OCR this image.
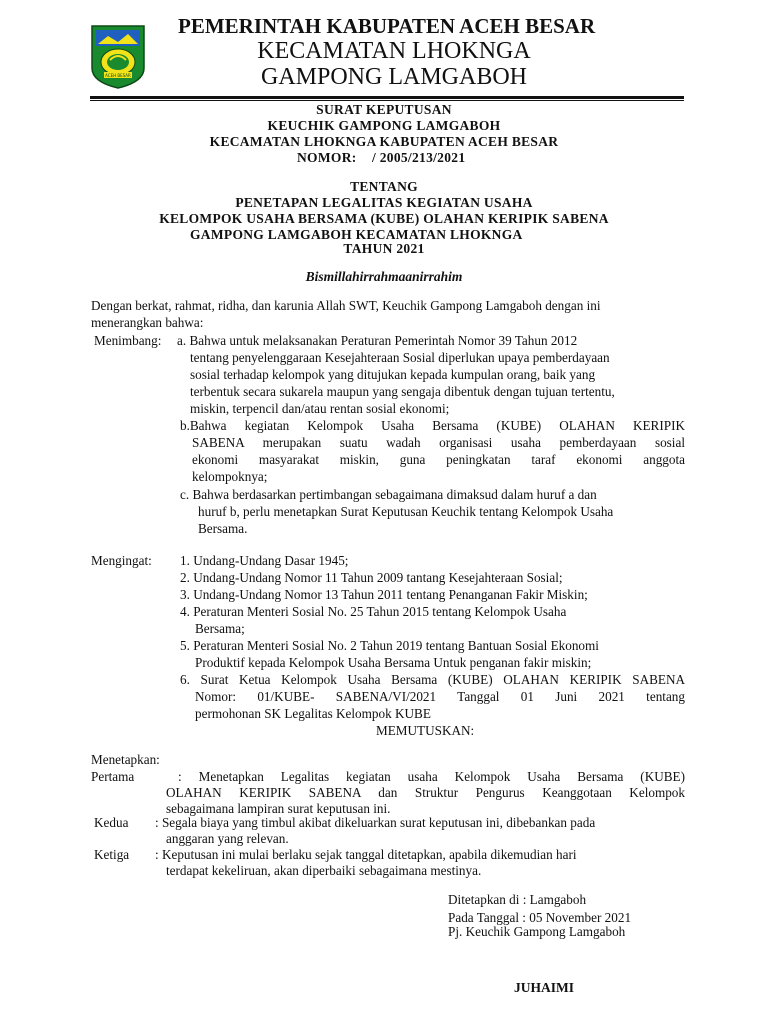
ACEH BESAR
PEMERINTAH KABUPATEN ACEH BESAR
KECAMATAN LHOKNGA
GAMPONG LAMGABOH
SURAT KEPUTUSAN
KEUCHIK GAMPONG LAMGABOH
KECAMATAN LHOKNGA KABUPATEN ACEH BESAR
NOMOR: / 2005/213/2021
TENTANG
PENETAPAN LEGALITAS KEGIATAN USAHA
KELOMPOK USAHA BERSAMA (KUBE) OLAHAN KERIPIK SABENA
GAMPONG LAMGABOH KECAMATAN LHOKNGA
TAHUN 2021
Bismillahirrahmaanirrahim
Dengan berkat, rahmat, ridha, dan karunia Allah SWT, Keuchik Gampong Lamgaboh dengan ini
menerangkan bahwa:
Menimbang: a. Bahwa untuk melaksanakan Peraturan Pemerintah Nomor 39 Tahun 2012
tentang penyelenggaraan Kesejahteraan Sosial diperlukan upaya pemberdayaan
sosial terhadap kelompok yang ditujukan kepada kumpulan orang, baik yang
terbentuk secara sukarela maupun yang sengaja dibentuk dengan tujuan tertentu,
miskin, terpencil dan/atau rentan sosial ekonomi;
b.Bahwa kegiatan Kelompok Usaha Bersama (KUBE) OLAHAN KERIPIK
SABENA merupakan suatu wadah organisasi usaha pemberdayaan sosial
ekonomi masyarakat miskin, guna peningkatan taraf ekonomi anggota
kelompoknya;
c. Bahwa berdasarkan pertimbangan sebagaimana dimaksud dalam huruf a dan
huruf b, perlu menetapkan Surat Keputusan Keuchik tentang Kelompok Usaha
Bersama.
Mengingat: 1. Undang-Undang Dasar 1945;
2. Undang-Undang Nomor 11 Tahun 2009 tantang Kesejahteraan Sosial;
3. Undang-Undang Nomor 13 Tahun 2011 tentang Penanganan Fakir Miskin;
4. Peraturan Menteri Sosial No. 25 Tahun 2015 tentang Kelompok Usaha
Bersama;
5. Peraturan Menteri Sosial No. 2 Tahun 2019 tentang Bantuan Sosial Ekonomi
Produktif kepada Kelompok Usaha Bersama Untuk penganan fakir miskin;
6. Surat Ketua Kelompok Usaha Bersama (KUBE) OLAHAN KERIPIK SABENA
Nomor: 01/KUBE- SABENA/VI/2021 Tanggal 01 Juni 2021 tentang
permohonan SK Legalitas Kelompok KUBE
MEMUTUSKAN:
Menetapkan:
Pertama	: Menetapkan Legalitas kegiatan usaha Kelompok Usaha Bersama (KUBE)
OLAHAN KERIPIK SABENA dan Struktur Pengurus Keanggotaan Kelompok
sebagaimana lampiran surat keputusan ini.
Kedua : Segala biaya yang timbul akibat dikeluarkan surat keputusan ini, dibebankan pada
anggaran yang relevan.
Ketiga : Keputusan ini mulai berlaku sejak tanggal ditetapkan, apabila dikemudian hari
terdapat kekeliruan, akan diperbaiki sebagaimana mestinya.
Ditetapkan di : Lamgaboh
Pada Tanggal : 05 November 2021
Pj. Keuchik Gampong Lamgaboh
JUHAIMI
